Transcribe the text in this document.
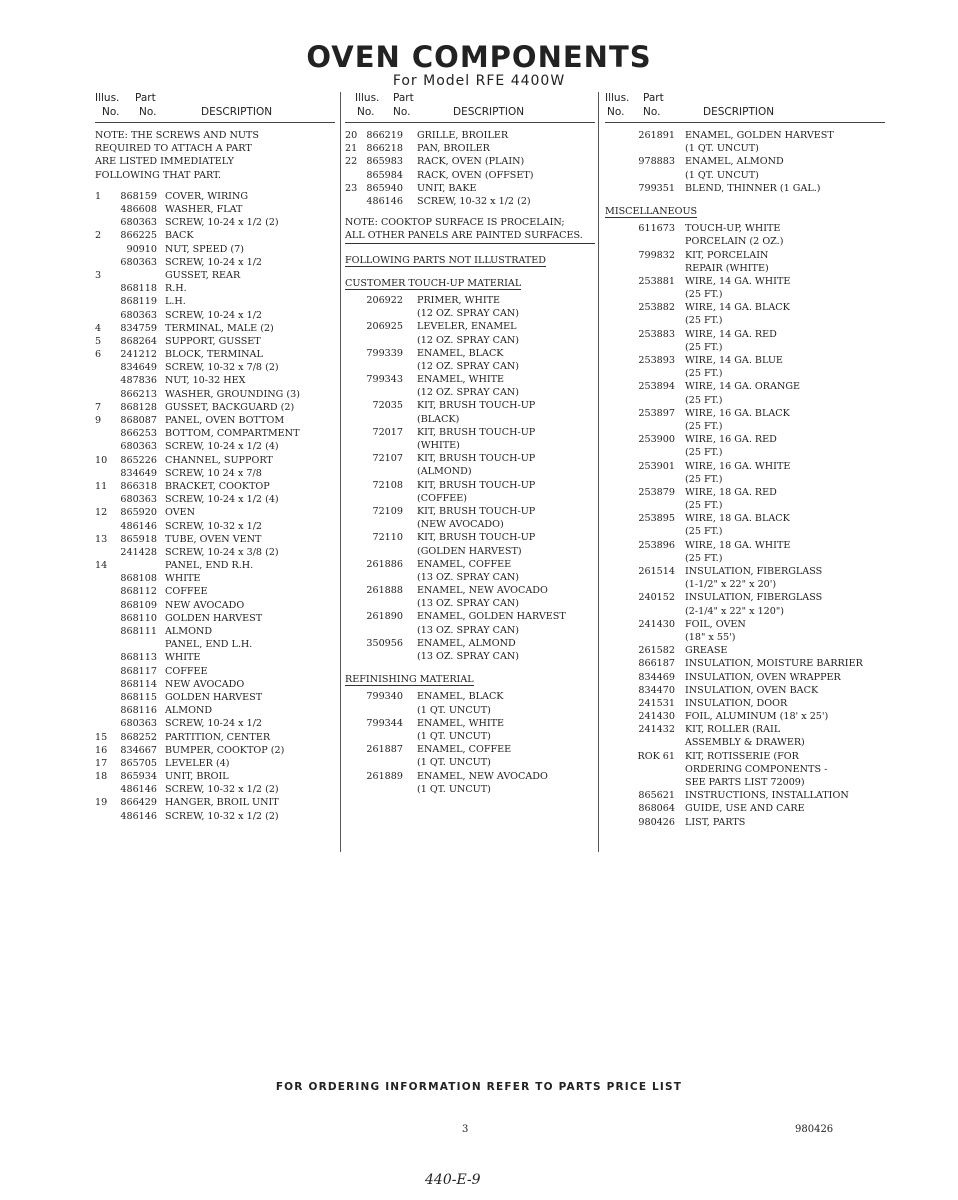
OVEN COMPONENTS
For Model RFE 4400W
Illus. Part
No. No.	DESCRIPTION
NOTE: THE SCREWS AND NUTS
REQUIRED TO ATTACH A PART
ARE LISTED IMMEDIATELY
FOLLOWING THAT PART.
1	868159 COVER, WIRING
486608 WASHER, FLAT
680363 SCREW, 10-24 x 1/2 (2)
2	866225 BACK
90910 NUT, SPEED (7)
680363 SCREW, 10-24 x 1/2
3	GUSSET, REAR
868118 R.H.
868119 L.H.
680363 SCREW, 10-24 x 1/2
4	834759 TERMINAL, MALE (2)
5	868264 SUPPORT, GUSSET
6	241212 BLOCK, TERMINAL
834649 SCREW, 10-32 x 7/8 (2)
487836 NUT, 10-32 HEX
866213 WASHER, GROUNDING (3)
7	868128 GUSSET, BACKGUARD (2)
9	868087 PANEL, OVEN BOTTOM
866253 BOTTOM, COMPARTMENT
680363 SCREW, 10-24 x 1/2 (4)
10	865226 CHANNEL, SUPPORT
834649 SCREW, 10 24 x 7/8
11	866318 BRACKET, COOKTOP
680363 SCREW, 10-24 x 1/2 (4)
12	865920 OVEN
486146 SCREW, 10-32 x 1/2
13	865918 TUBE, OVEN VENT
241428 SCREW, 10-24 x 3/8 (2)
14	PANEL, END R.H.
868108 WHITE
868112 COFFEE
868109 NEW AVOCADO
868110 GOLDEN HARVEST
868111 ALMOND
PANEL, END L.H.
868113 WHITE
868117 COFFEE
868114 NEW AVOCADO
868115 GOLDEN HARVEST
868116 ALMOND
680363 SCREW, 10-24 x 1/2
15	868252 PARTITION, CENTER
16	834667 BUMPER, COOKTOP (2)
17	865705 LEVELER (4)
18	865934 UNIT, BROIL
486146 SCREW, 10-32 x 1/2 (2)
19	866429 HANGER, BROIL UNIT
486146 SCREW, 10-32 x 1/2 (2)
Illus. Part
No. No.	DESCRIPTION
20 866219 GRILLE, BROILER
21 866218 PAN, BROILER
22 865983 RACK, OVEN (PLAIN)
865984 RACK, OVEN (OFFSET)
23 865940 UNIT, BAKE
486146 SCREW, 10-32 x 1/2 (2)
NOTE: COOKTOP SURFACE IS PROCELAIN;
ALL OTHER PANELS ARE PAINTED SURFACES.
FOLLOWING PARTS NOT ILLUSTRATED
CUSTOMER TOUCH-UP MATERIAL
206922 PRIMER, WHITE
(12 OZ. SPRAY CAN)
206925 LEVELER, ENAMEL
(12 OZ. SPRAY CAN)
799339 ENAMEL, BLACK
(12 OZ. SPRAY CAN)
799343 ENAMEL, WHITE
(12 OZ. SPRAY CAN)
72035 KIT, BRUSH TOUCH-UP
(BLACK)
72017 KIT, BRUSH TOUCH-UP
(WHITE)
72107 KIT, BRUSH TOUCH-UP
(ALMOND)
72108 KIT, BRUSH TOUCH-UP
(COFFEE)
72109 KIT, BRUSH TOUCH-UP
(NEW AVOCADO)
72110 KIT, BRUSH TOUCH-UP
(GOLDEN HARVEST)
261886 ENAMEL, COFFEE
(13 OZ. SPRAY CAN)
261888 ENAMEL, NEW AVOCADO
(13 OZ. SPRAY CAN)
261890 ENAMEL, GOLDEN HARVEST
(13 OZ. SPRAY CAN)
350956 ENAMEL, ALMOND
(13 OZ. SPRAY CAN)
REFINISHING MATERIAL
799340 ENAMEL, BLACK
(1 QT. UNCUT)
799344 ENAMEL, WHITE
(1 QT. UNCUT)
261887 ENAMEL, COFFEE
(1 QT. UNCUT)
261889 ENAMEL, NEW AVOCADO
(1 QT. UNCUT)
Illus. Part
No. No.	DESCRIPTION
261891 ENAMEL, GOLDEN HARVEST
(1 QT. UNCUT)
978883 ENAMEL, ALMOND
(1 QT. UNCUT)
799351 BLEND, THINNER (1 GAL.)
MISCELLANEOUS
611673 TOUCH-UP, WHITE
PORCELAIN (2 OZ.)
799832 KIT, PORCELAIN
REPAIR (WHITE)
253881 WIRE, 14 GA. WHITE
(25 FT.)
253882 WIRE, 14 GA. BLACK
(25 FT.)
253883 WIRE, 14 GA. RED
(25 FT.)
253893 WIRE, 14 GA. BLUE
(25 FT.)
253894 WIRE, 14 GA. ORANGE
(25 FT.)
253897 WIRE, 16 GA. BLACK
(25 FT.)
253900 WIRE, 16 GA. RED
(25 FT.)
253901 WIRE, 16 GA. WHITE
(25 FT.)
253879 WIRE, 18 GA. RED
(25 FT.)
253895 WIRE, 18 GA. BLACK
(25 FT.)
253896 WIRE, 18 GA. WHITE
(25 FT.)
261514 INSULATION, FIBERGLASS
(1-1/2" x 22" x 20')
240152 INSULATION, FIBERGLASS
(2-1/4" x 22" x 120")
241430 FOIL, OVEN
(18" x 55')
261582 GREASE
866187 INSULATION, MOISTURE BARRIER
834469 INSULATION, OVEN WRAPPER
834470 INSULATION, OVEN BACK
241531 INSULATION, DOOR
241430 FOIL, ALUMINUM (18' x 25')
241432 KIT, ROLLER (RAIL
ASSEMBLY & DRAWER)
ROK 61 KIT, ROTISSERIE (FOR
ORDERING COMPONENTS -
SEE PARTS LIST 72009)
865621 INSTRUCTIONS, INSTALLATION
868064 GUIDE, USE AND CARE
980426 LIST, PARTS
FOR ORDERING INFORMATION REFER TO PARTS PRICE LIST
3	980426
440-E-9
